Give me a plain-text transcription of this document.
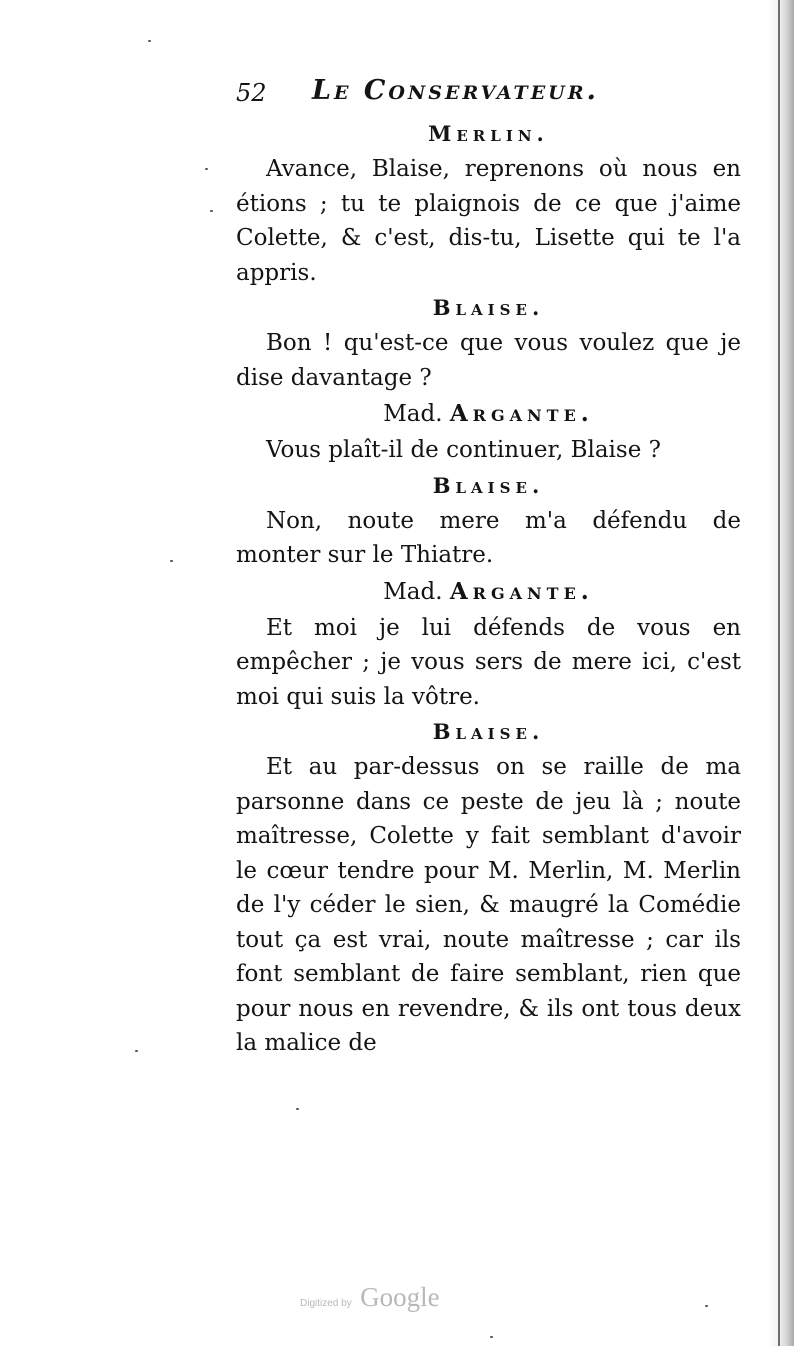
52 Le Conservateur.
Merlin.

Avance, Blaise, reprenons où nous en étions ; tu te plaignois de ce que j'aime Colette, & c'est, dis-tu, Lisette qui te l'a appris.

Blaise.

Bon ! qu'est-ce que vous voulez que je dise davantage ?

Mad. Argante.

Vous plaît-il de continuer, Blaise ?

Blaise.

Non, noute mere m'a défendu de monter sur le Thiatre.

Mad. Argante.

Et moi je lui défends de vous en empêcher ; je vous sers de mere ici, c'est moi qui suis la vôtre.

Blaise.

Et au par-dessus on se raille de ma parsonne dans ce peste de jeu là ; noute maîtresse, Colette y fait semblant d'avoir le cœur tendre pour M. Merlin, M. Merlin de l'y céder le sien, & maugré la Comédie tout ça est vrai, noute maîtresse ; car ils font semblant de faire semblant, rien que pour nous en revendre, & ils ont tous deux la malice de

Digitized by Google
